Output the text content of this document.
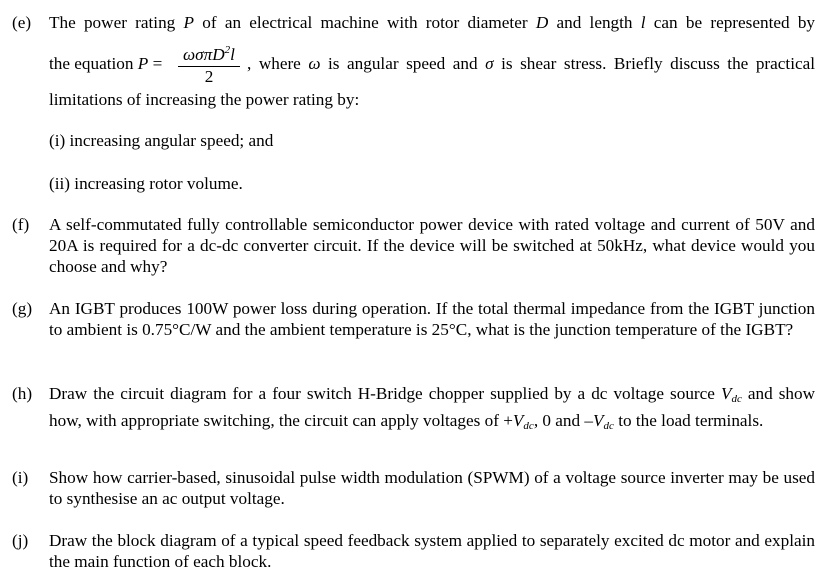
(e) The power rating P of an electrical machine with rotor diameter D and length l can be represented by
the equation P = ωσπD$^2$l
2
, where ω is angular speed and σ is shear stress. Briefly discuss the practical
limitations of increasing the power rating by:
(i) increasing angular speed; and
(ii) increasing rotor volume.
(f) A self-commutated fully controllable semiconductor power device with rated voltage and current of 50V and 20A is required for a dc-dc converter circuit. If the device will be switched at 50kHz, what device would you choose and why?
(g) An IGBT produces 100W power loss during operation. If the total thermal impedance from the IGBT junction to ambient is 0.75°C/W and the ambient temperature is 25°C, what is the junction temperature of the IGBT?
(h) Draw the circuit diagram for a four switch H-Bridge chopper supplied by a dc voltage source $V_{dc}$ and show how, with appropriate switching, the circuit can apply voltages of $+V_{dc}$, 0 and $-V_{dc}$ to the load terminals.
(i) Show how carrier-based, sinusoidal pulse width modulation (SPWM) of a voltage source inverter may be used to synthesise an ac output voltage.
(j) Draw the block diagram of a typical speed feedback system applied to separately excited dc motor and explain the main function of each block.
